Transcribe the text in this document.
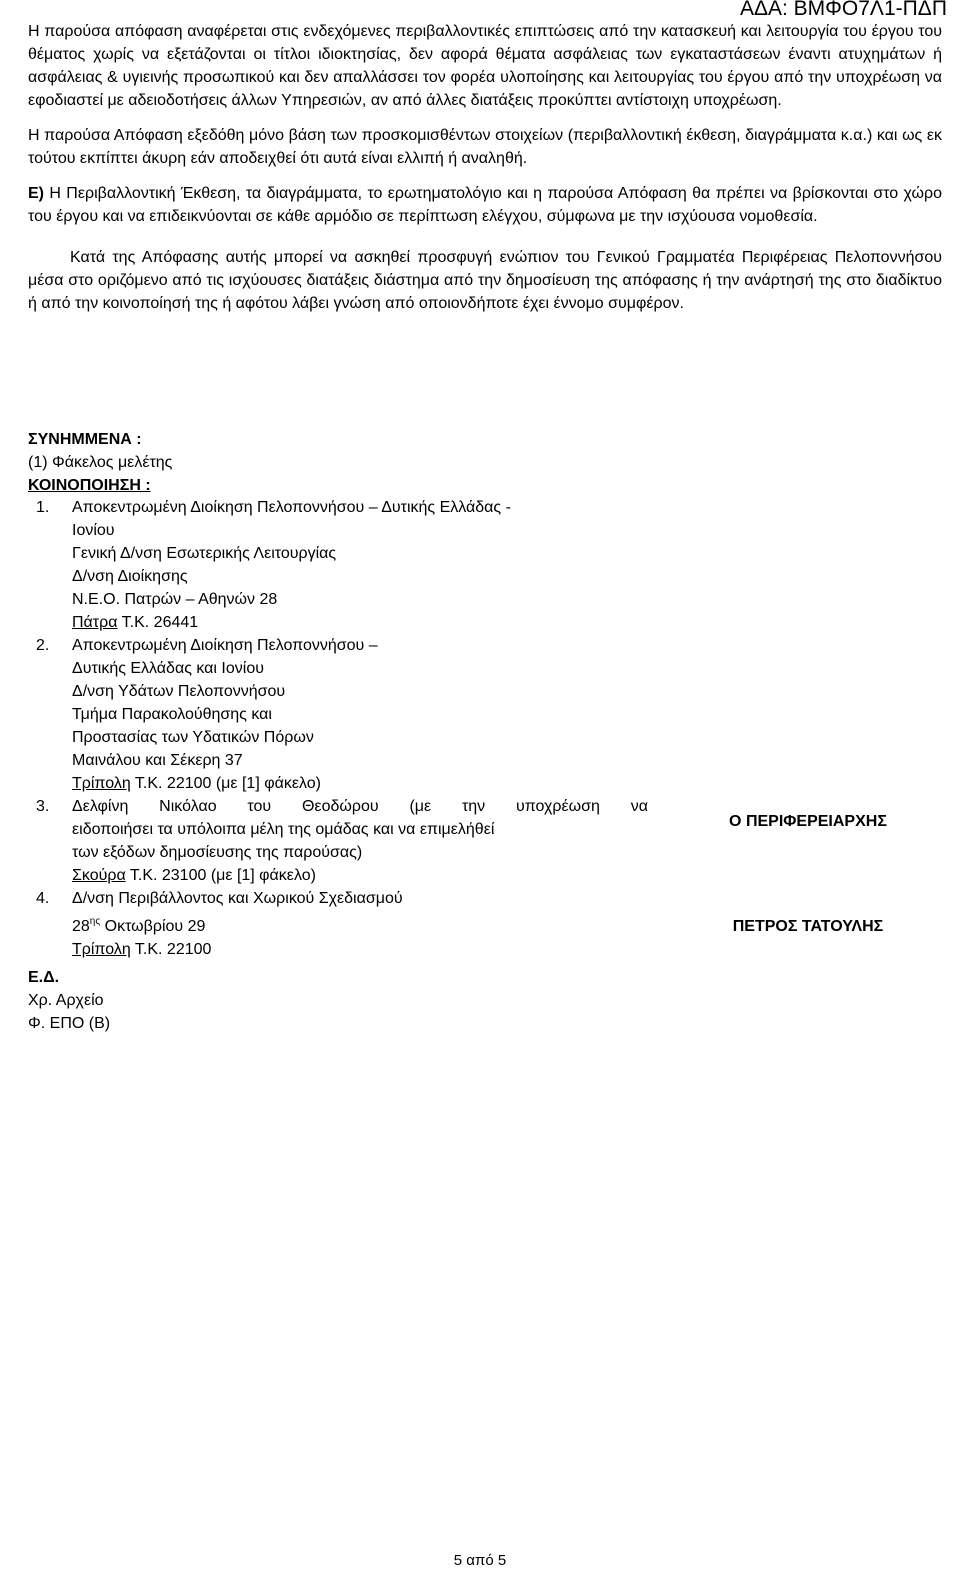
ΑΔΑ: ΒΜΦΟ7Λ1-ΠΔΠ

Η παρούσα απόφαση αναφέρεται στις ενδεχόμενες περιβαλλοντικές επιπτώσεις από την κατασκευή και λειτουργία του έργου του θέματος χωρίς να εξετάζονται οι τίτλοι ιδιοκτησίας, δεν αφορά θέματα ασφάλειας των εγκαταστάσεων έναντι ατυχημάτων ή ασφάλειας & υγιεινής προσωπικού και δεν απαλλάσσει τον φορέα υλοποίησης και λειτουργίας του έργου από την υποχρέωση να εφοδιαστεί με αδειοδοτήσεις άλλων Υπηρεσιών, αν από άλλες διατάξεις προκύπτει αντίστοιχη υποχρέωση.

Η παρούσα Απόφαση εξεδόθη μόνο βάση των προσκομισθέντων στοιχείων (περιβαλλοντική έκθεση, διαγράμματα κ.α.) και ως εκ τούτου εκπίπτει άκυρη εάν αποδειχθεί ότι αυτά είναι ελλιπή ή αναληθή.

Ε) Η Περιβαλλοντική Έκθεση, τα διαγράμματα, το ερωτηματολόγιο και η παρούσα Απόφαση θα πρέπει να βρίσκονται στο χώρο του έργου και να επιδεικνύονται σε κάθε αρμόδιο σε περίπτωση ελέγχου, σύμφωνα με την ισχύουσα νομοθεσία.

Κατά της Απόφασης αυτής μπορεί να ασκηθεί προσφυγή ενώπιον του Γενικού Γραμματέα Περιφέρειας Πελοποννήσου μέσα στο οριζόμενο από τις ισχύουσες διατάξεις διάστημα από την δημοσίευση της απόφασης ή την ανάρτησή της στο διαδίκτυο ή από την κοινοποίησή της ή αφότου λάβει γνώση από οποιονδήποτε έχει έννομο συμφέρον.

ΣΥΝΗΜΜΕΝΑ :
(1) Φάκελος μελέτης
ΚΟΙΝΟΠΟΙΗΣΗ :
1. Αποκεντρωμένη Διοίκηση Πελοποννήσου – Δυτικής Ελλάδας -
Ιονίου
Γενική Δ/νση Εσωτερικής Λειτουργίας
Δ/νση Διοίκησης
Ν.Ε.Ο. Πατρών – Αθηνών 28
Πάτρα Τ.Κ. 26441
2. Αποκεντρωμένη Διοίκηση Πελοποννήσου –
Δυτικής Ελλάδας και Ιονίου
Δ/νση Υδάτων Πελοποννήσου
Τμήμα Παρακολούθησης και
Προστασίας των Υδατικών Πόρων
Μαινάλου και Σέκερη 37
Τρίπολη Τ.Κ. 22100 (με [1] φάκελο)
3. Δελφίνη Νικόλαο του Θεοδώρου (με την υποχρέωση να
ειδοποιήσει τα υπόλοιπα μέλη της ομάδας και να επιμελήθεί
των εξόδων δημοσίευσης της παρούσας)
Σκούρα Τ.Κ. 23100 (με [1] φάκελο)
4. Δ/νση Περιβάλλοντος και Χωρικού Σχεδιασμού
$28^{\eta\varsigma}$ Οκτωβρίου 29
Τρίπολη Τ.Κ. 22100
Ο ΠΕΡΙΦΕΡΕΙΑΡΧΗΣ
ΠΕΤΡΟΣ ΤΑΤΟΥΛΗΣ
Ε.Δ.
Χρ. Αρχείο
Φ. ΕΠΟ (Β)
5 από 5
